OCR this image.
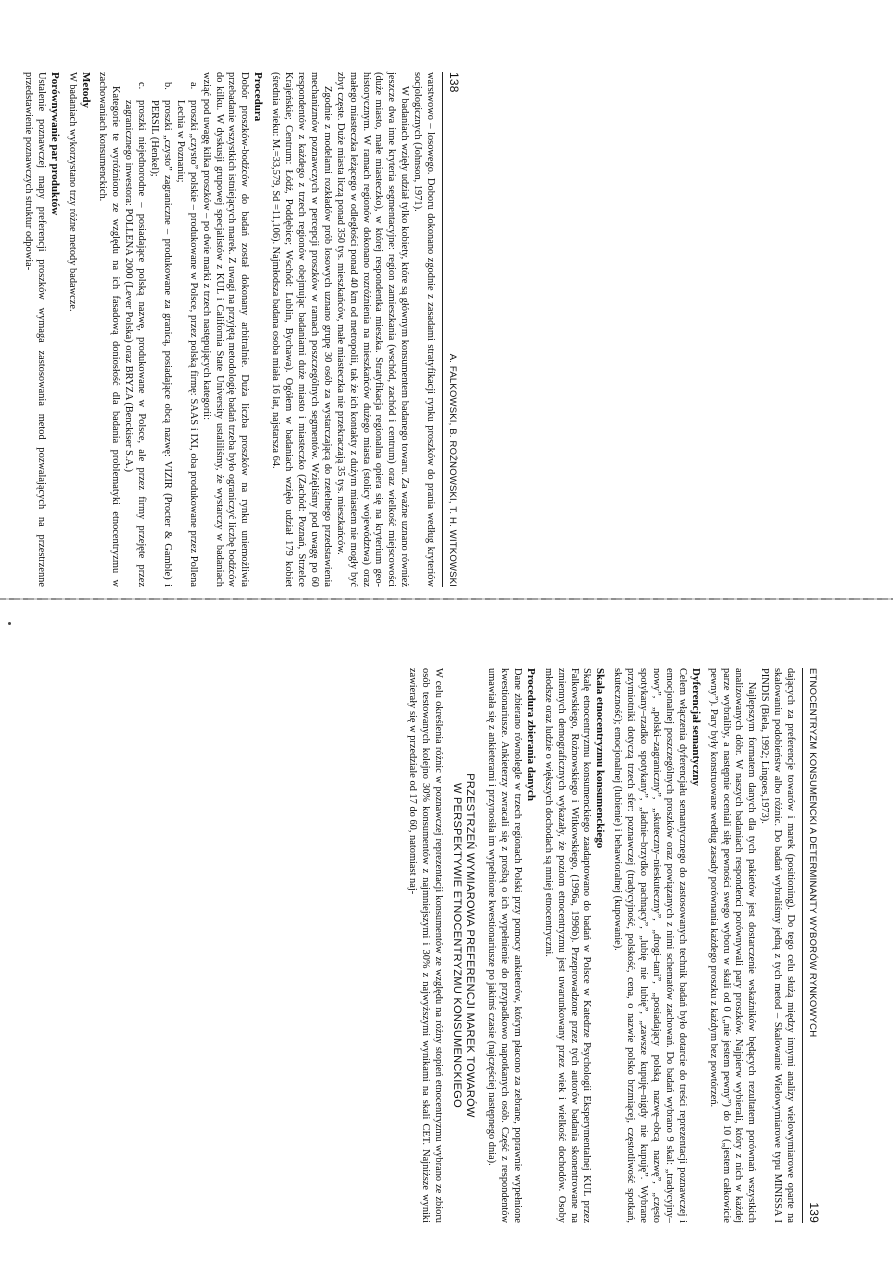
138
A. FALKOWSKI, B. ROŻNOWSKI, T. H. WITKOWSKI

warstwowo – losowego. Doboru dokonano zgodnie z zasadami stratyfikacji rynku proszków do prania według kryteriów socjologicznych (Johnson, 1971).

W badaniach wzięły udział tylko kobiety, które są głównym konsumentem badanego towaru. Za ważne uznano również jeszcze dwa inne kryteria segmentacyjne: region zamieszkania (wschód, zachód i centrum) oraz wielkość miejscowości (duże miasto, małe miasteczko), w której respondentka mieszka. Stratyfikacja regionalna opiera się na kryterium geo-historycznym. W ramach regionów dokonano rozróżnienia na mieszkańców dużego miasta (stolicy województwa) oraz małego miasteczka leżącego w odległości ponad 40 km od metropolii, tak że ich kontakty z dużym miastem nie mogły być zbyt częste. Duże miasta liczą ponad 350 tys. mieszkańców, małe miasteczka nie przekraczają 35 tys. mieszkańców.

Zgodnie z modelami rozkładów prób losowych uznano grupę 30 osób za wystarczającą do rzetelnego przedstawienia mechanizmów poznawczych w percepcji proszków w ramach poszczególnych segmentów. Wzięliśmy pod uwagę po 60 respondentów z każdego z trzech regionów obejmując badaniami duże miasto i miasteczko (Zachód: Poznań, Strzelce Krajeńskie; Centrum: Łódź, Poddębice; Wschód: Lublin, Bychawa). Ogółem w badaniach wzięło udział 179 kobiet (średnia wieku: M.=33,579, Sd =11,106). Najmłodsza badana osoba miała 16 lat, najstarsza 64.

Procedura

Dobór proszków-bodźców do badań został dokonany arbitralnie. Duża liczba proszków na rynku uniemożliwia przebadanie wszystkich istniejących marek. Z uwagi na przyjętą metodologię badań trzeba było ograniczyć liczbę bodźców do kilku. W dyskusji grupowej specjalistów z KUL i California State University ustaliliśmy, że wystarczy w badaniach wziąć pod uwagę kilka proszków – po dwie marki z trzech następujących kategorii:

a.
proszki „czysto” polskie – produkowane w Polsce, przez polską firmę: SAAS i IXI, oba produkowane przez Pollena Lechia w Poznaniu;
b.
proszki „czysto” zagraniczne – produkowane za granicą, posiadające obcą nazwę: VIZIR (Procter & Gamble) i PERSIL (Henkel);
c.
proszki niejednorodne – posiadające polską nazwę, produkowane w Polsce, ale przez firmy przejęte przez zagranicznego inwestora: POLLENA 2000 (Lever Polska) oraz BRYZA (Benckiser S.A.)

Kategorie te wyróżniono ze względu na ich fasadową doniosłość dla badania problematyki etnocentryzmu w zachowaniach konsumenckich.

Metody

W badaniach wykorzystano trzy różne metody badawcze.

Porównywanie par produktów

Ustalenie poznawczej mapy preferencji proszków wymaga zastosowania metod pozwalających na przestrzenne przedstawienie poznawczych struktur odpowia-

ETNOCENTRYZM KONSUMENCKI A DETERMINANTY WYBORÓW RYNKOWYCH
139

dających za preferencje towarów i marek (positioning). Do tego celu służą między innymi analizy wielowymiarowe oparte na skalowaniu podobieństw albo różnic. Do badań wybraliśmy jedną z tych metod – Skalowanie Wielowymiarowe typu MINISSA I PINDIS (Biela, 1992; Lingoes,1973).

Najlepszym formatem danych dla tych pakietów jest dostarczenie wskaźników będących rezultatem porównań wszystkich analizowanych dóbr. W naszych badaniach respondenci porównywali pary proszków. Najpierw wybierali, który z nich w każdej parze wybraliby, a następnie oceniali siłę pewności swego wyboru w skali od 0 („nie jestem pewny”) do 10 („jestem całkowicie pewny”). Pary były konstruowane według zasady porównania każdego proszku z każdym bez powtórzeń.

Dyferencjał semantyczny

Celem włączenia dyferencjału semantycznego do zastosowanych technik badań było dotarcie do treści reprezentacji poznawczej i emocjonalnej poszczególnych proszków oraz powiązanych z nimi schematów zachowań. Do badań wybrano 9 skal: „tradycyjny–nowy”, „polski–zagraniczny”, „skuteczny–nieskuteczny”, „drogi–tani”, „posiadający polską nazwę–obcą nazwę”, „często spotykany–rzadko spotykany”, „ładnie–brzydko pachnący”, „lubię nie lubię”, „zawsze kupuję–nigdy nie kupuję”. Wybrane przymiotniki dotyczą trzech sfer: poznawczej (tradycyjność, polskość, cena, o nazwie polsko brzmiącej, częstotliwość spotkań, skuteczność); emocjonalnej (lubienie) i behawioralnej (kupowanie).

Skala etnocentryzmu konsumenckiego

Skalę etnocentryzmu konsumenckiego zaadaptowano do badań w Polsce w Katedrze Psychologii Eksperymentalnej KUL przez Falkowskiego, Rożnowskiego i Witkowskiego, (1996a, 1996b). Przeprowadzone przez tych autorów badania skonentrowane na zmiennych demograficznych wykazały, że poziom etnocentryzmu jest uwarunkowany przez wiek i wielkość dochodów. Osoby młodsze oraz ludzie o większych dochodach są mniej etnocentryczni.

Procedura zbierania danych

Dane zbierano równolegle w trzech regionach Polski przy pomocy ankieterów, którym płacono za zebrane, poprawnie wypełnione kwestionariusze. Ankieterzy zwracali się z prośbą o ich wypełnienie do przypadkowo napotkanych osób. Część z respondentów umawiała się z ankieterami i przynosiła im wypełnione kwestionariusze po jakimś czasie (najczęściej następnego dnia).

PRZESTRZEŃ WYMIAROWA PREFERENCJI MAREK TOWARÓW
W PERSPEKTYWIE ETNOCENTRYZMU KONSUMENCKIEGO

W celu określenia różnic w poznawczej reprezentacji konsumentów ze względu na różny stopień etnocentryzmu wybrano ze zbioru osób testowanych kolejno 30% konsumentów z najmniejszymi i 30% z najwyższymi wynikami na skali CET. Najniższe wyniki zawierały się w przedziale od 17 do 60, natomiast naj-
